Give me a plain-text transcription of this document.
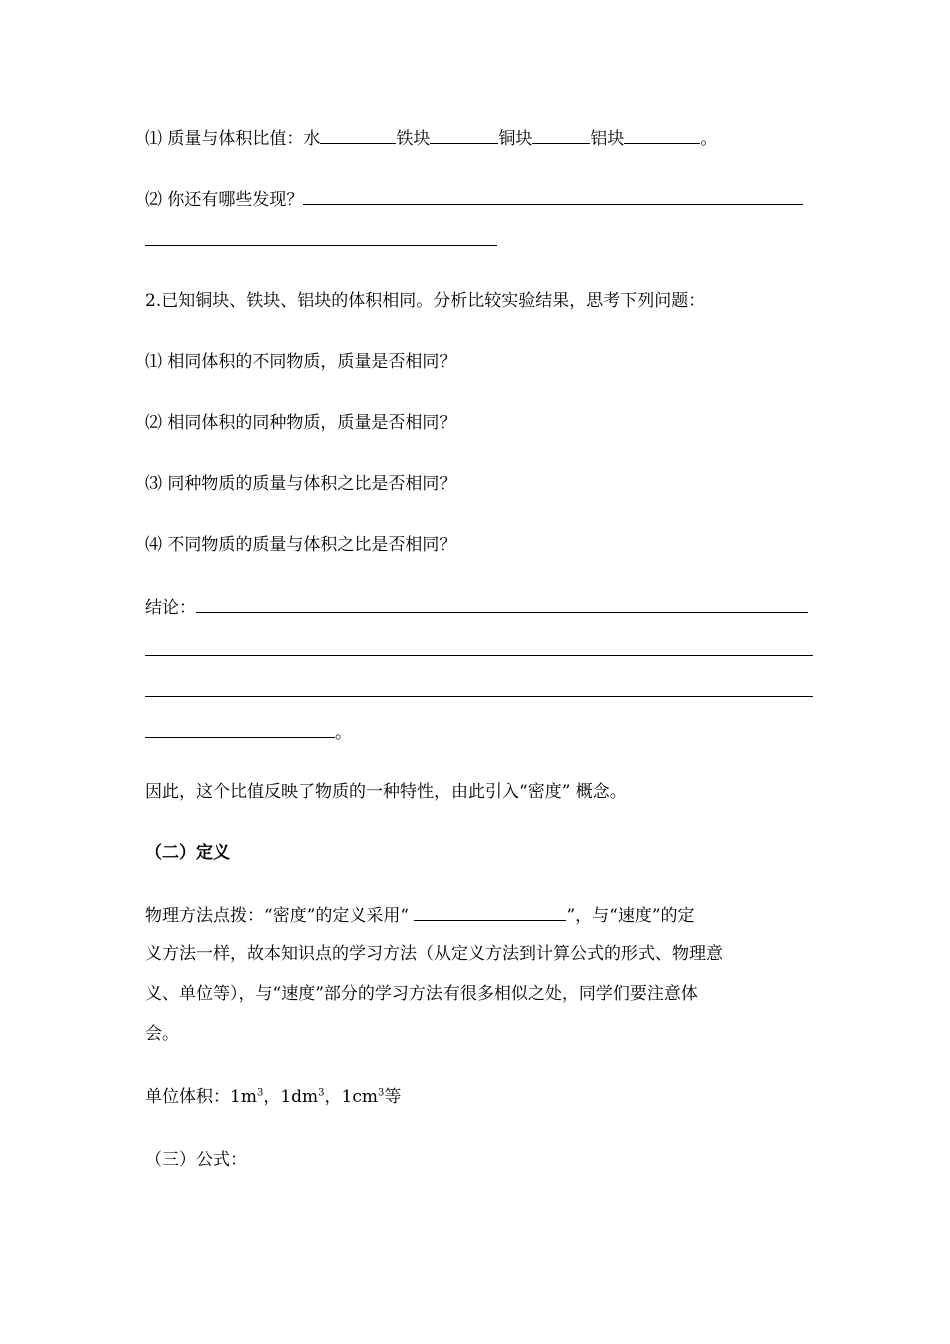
⑴ 质量与体积比值：水	铁块	铜块	铝块	。
⑵ 你还有哪些发现？
2.已知铜块、铁块、铝块的体积相同。分析比较实验结果，思考下列问题：
⑴ 相同体积的不同物质，质量是否相同？
⑵ 相同体积的同种物质，质量是否相同？
⑶ 同种物质的质量与体积之比是否相同？
⑷ 不同物质的质量与体积之比是否相同？
结论：
。
因此，这个比值反映了物质的一种特性，由此引入“密度” 概念。
（二）定义
物理方法点拨：“密度”的定义采用“	”，与“速度”的定
义方法一样，故本知识点的学习方法（从定义方法到计算公式的形式、物理意
义、单位等），与“速度”部分的学习方法有很多相似之处，同学们要注意体
会。
单位体积：$1m^3$，$1dm^3$，$1cm^3$等
（三）公式：
